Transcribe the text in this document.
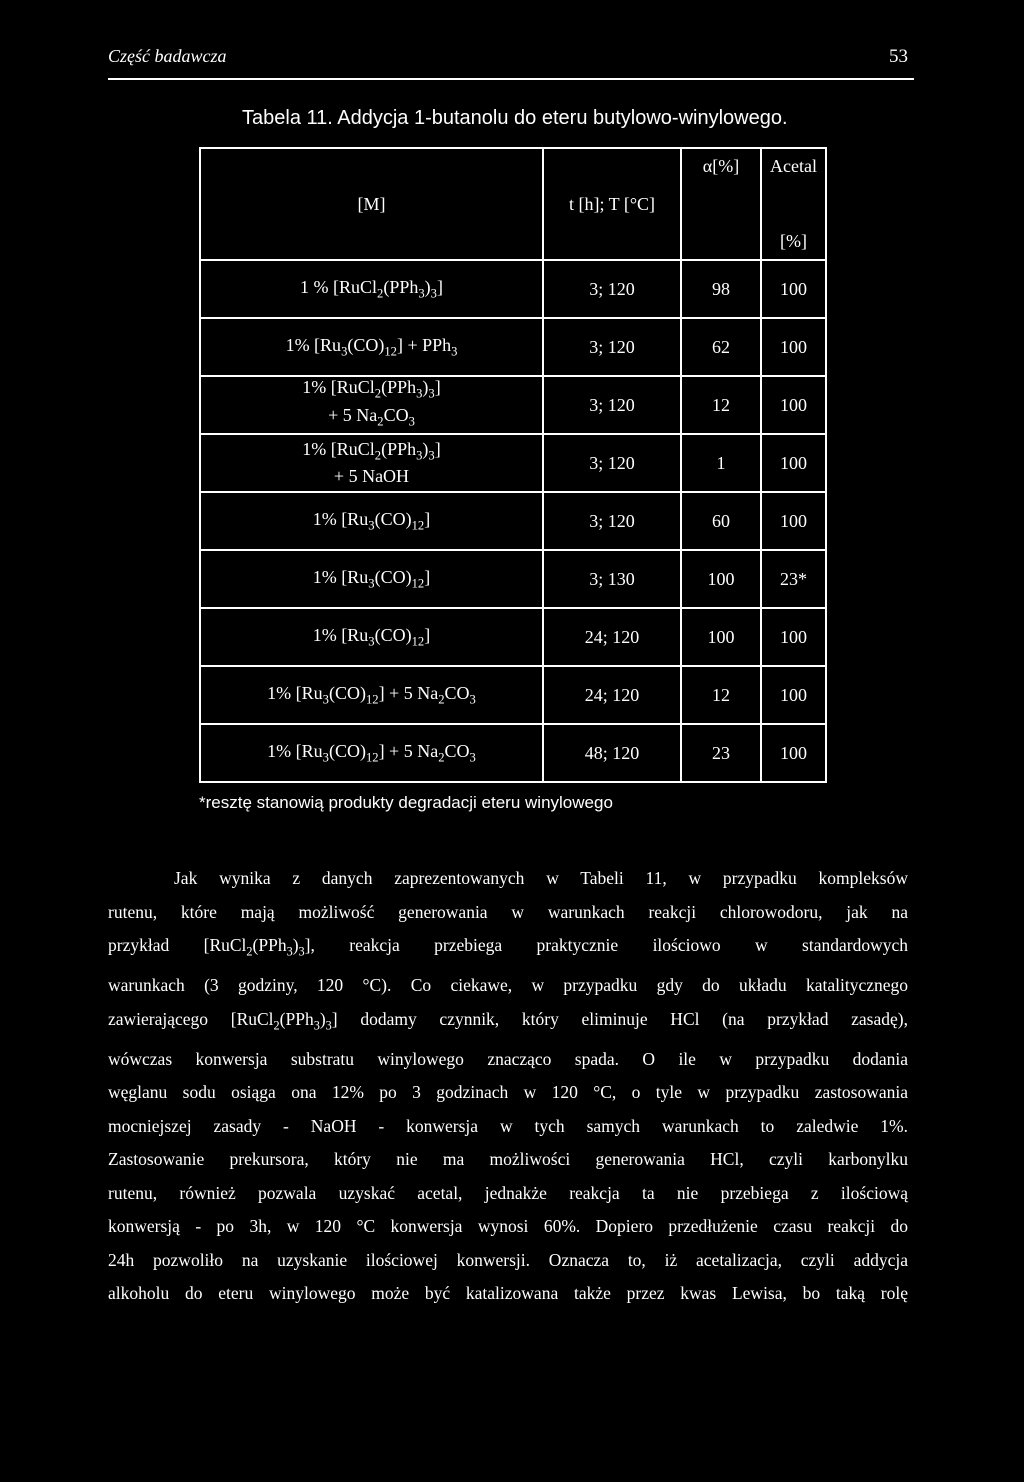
Część badawcza	53
Tabela 11. Addycja 1-butanolu do eteru butylowo-winylowego.
[M]	t [h]; T [°C]	α[%]	Acetal
[%]

1 % $[RuCl_2(PPh_3)_3]$	3; 120	98	100
1% $[Ru_3(CO)_{12}] + PPh_3$	3; 120	62	100

1% $[RuCl_2(PPh_3)_3]$
+ 5 $Na_2CO_3$	3; 120	12	100

1% $[RuCl_2(PPh_3)_3]$
+ 5 NaOH	3; 120	1	100
1% $[Ru_3(CO)_{12}]$	3; 120	60	100
1% $[Ru_3(CO)_{12}]$	3; 130	100	23*
1% $[Ru_3(CO)_{12}]$	24; 120	100	100
1% $[Ru_3(CO)_{12}] + 5$ $Na_2CO_3$	24; 120	12	100
1% $[Ru_3(CO)_{12}] + 5$ $Na_2CO_3$	48; 120	23	100
*resztę stanowią produkty degradacji eteru winylowego
Jak wynika z danych zaprezentowanych w Tabeli 11, w przypadku kompleksów
rutenu, które mają możliwość generowania w warunkach reakcji chlorowodoru, jak na
przykład $[RuCl_2(PPh_3)_3]$, reakcja przebiega praktycznie ilościowo w standardowych
warunkach (3 godziny, 120 °C). Co ciekawe, w przypadku gdy do układu katalitycznego
zawierającego $[RuCl_2(PPh_3)_3]$ dodamy czynnik, który eliminuje HCl (na przykład zasadę),
wówczas konwersja substratu winylowego znacząco spada. O ile w przypadku dodania
węglanu sodu osiąga ona 12% po 3 godzinach w 120 °C, o tyle w przypadku zastosowania
mocniejszej zasady - NaOH - konwersja w tych samych warunkach to zaledwie 1%.
Zastosowanie prekursora, który nie ma możliwości generowania HCl, czyli karbonylku
rutenu, również pozwala uzyskać acetal, jednakże reakcja ta nie przebiega z ilościową
konwersją - po 3h, w 120 °C konwersja wynosi 60%. Dopiero przedłużenie czasu reakcji do
24h pozwoliło na uzyskanie ilościowej konwersji. Oznacza to, iż acetalizacja, czyli addycja
alkoholu do eteru winylowego może być katalizowana także przez kwas Lewisa, bo taką rolę
